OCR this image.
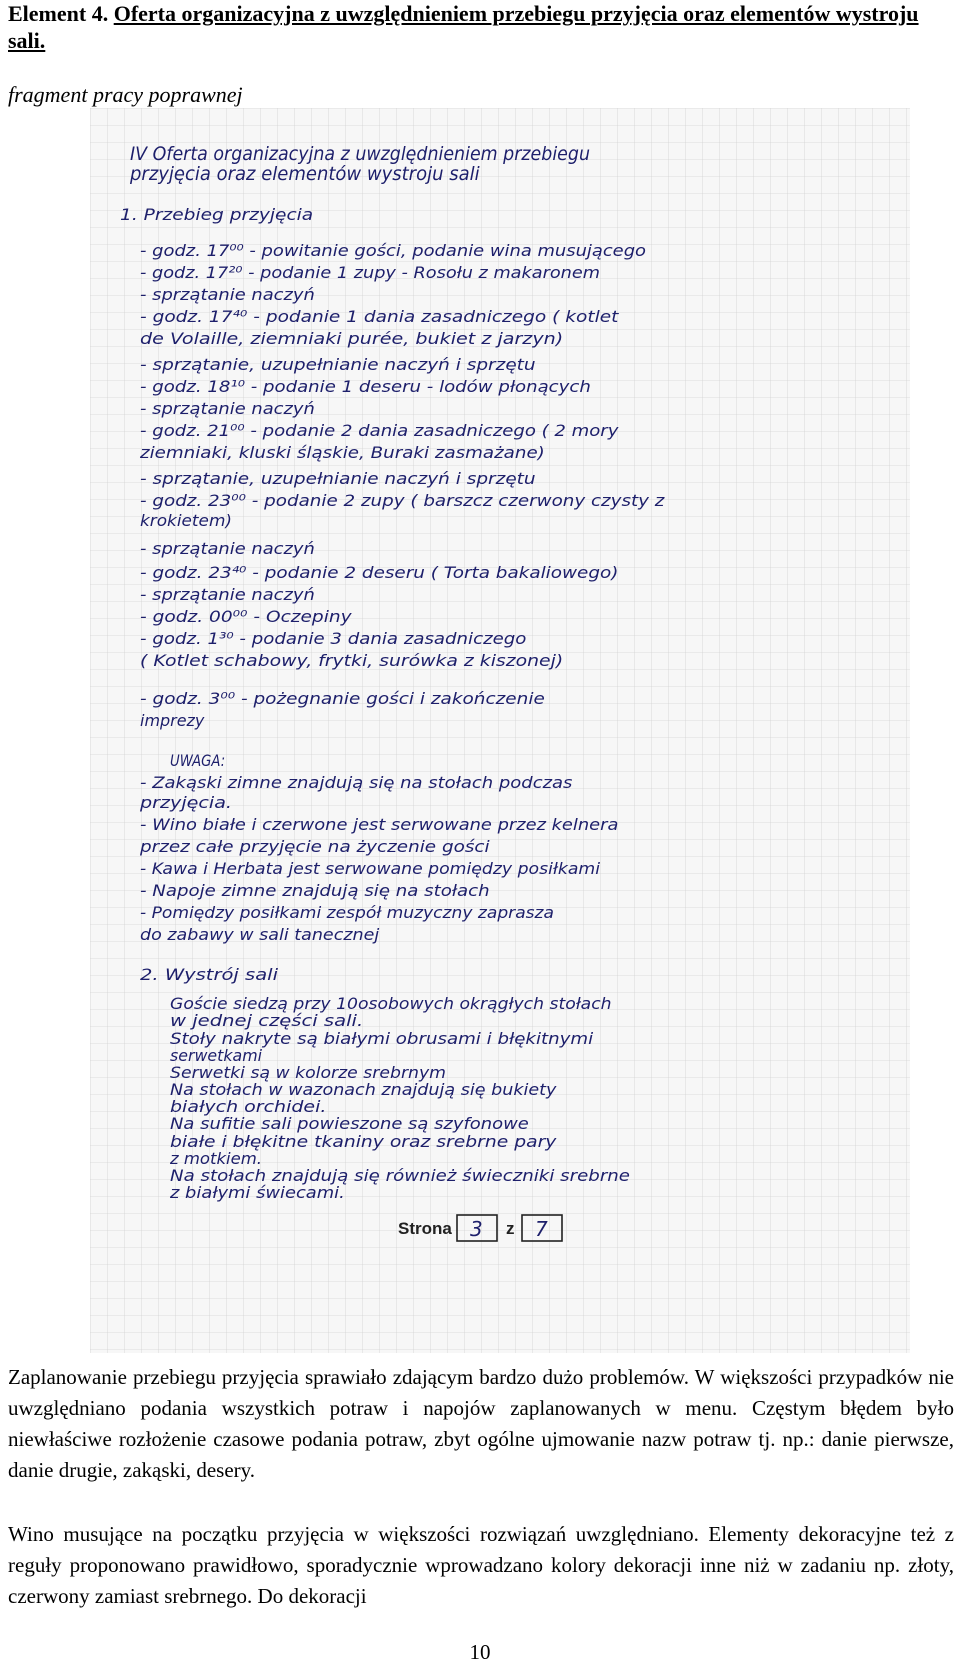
Element 4. Oferta organizacyjna z uwzględnieniem przebiegu przyjęcia oraz elementów wystroju sali.
fragment pracy poprawnej
IV Oferta organizacyjna z uwzględnieniem przebiegu
przyjęcia oraz elementów wystroju sali
1. Przebieg przyjęcia
- godz. 17⁰⁰ - powitanie gości, podanie wina musującego
- godz. 17²⁰ - podanie 1 zupy - Rosołu z makaronem
- sprzątanie naczyń
- godz. 17⁴⁰ - podanie 1 dania zasadniczego ( kotlet
de Volaille, ziemniaki purée, bukiet z jarzyn)
- sprzątanie, uzupełnianie naczyń i sprzętu
- godz. 18¹⁰ - podanie 1 deseru - lodów płonących
- sprzątanie naczyń
- godz. 21⁰⁰ - podanie 2 dania zasadniczego ( 2 mory
ziemniaki, kluski śląskie, Buraki zasmażane)
- sprzątanie, uzupełnianie naczyń i sprzętu
- godz. 23⁰⁰ - podanie 2 zupy ( barszcz czerwony czysty z
krokietem)
- sprzątanie naczyń
- godz. 23⁴⁰ - podanie 2 deseru ( Torta bakaliowego)
- sprzątanie naczyń
- godz. 00⁰⁰ - Oczepiny
- godz. 1³⁰ - podanie 3 dania zasadniczego
( Kotlet schabowy, frytki, surówka z kiszonej)
- godz. 3⁰⁰ - pożegnanie gości i zakończenie
imprezy
UWAGA:
- Zakąski zimne znajdują się na stołach podczas
przyjęcia.
- Wino białe i czerwone jest serwowane przez kelnera
przez całe przyjęcie na życzenie gości
- Kawa i Herbata jest serwowane pomiędzy posiłkami
- Napoje zimne znajdują się na stołach
- Pomiędzy posiłkami zespół muzyczny zaprasza
do zabawy w sali tanecznej
2. Wystrój sali
Goście siedzą przy 10osobowych okrągłych stołach
w jednej części sali.
Stoły nakryte są białymi obrusami i błękitnymi
serwetkami
Serwetki są w kolorze srebrnym
Na stołach w wazonach znajdują się bukiety
białych orchidei.
Na sufitie sali powieszone są szyfonowe
białe i błękitne tkaniny oraz srebrne pary
z motkiem.
Na stołach znajdują się również świeczniki srebrne
z białymi świecami.
Strona 3 z 7
Zaplanowanie przebiegu przyjęcia sprawiało zdającym bardzo dużo problemów. W większości przypadków nie uwzględniano podania wszystkich potraw i napojów zaplanowanych w menu. Częstym błędem było niewłaściwe rozłożenie czasowe podania potraw, zbyt ogólne ujmowanie nazw potraw tj. np.: danie pierwsze, danie drugie, zakąski, desery.
Wino musujące na początku przyjęcia w większości rozwiązań uwzględniano. Elementy dekoracyjne też z reguły proponowano prawidłowo, sporadycznie wprowadzano kolory dekoracji inne niż w zadaniu np. złoty, czerwony zamiast srebrnego. Do dekoracji
10
